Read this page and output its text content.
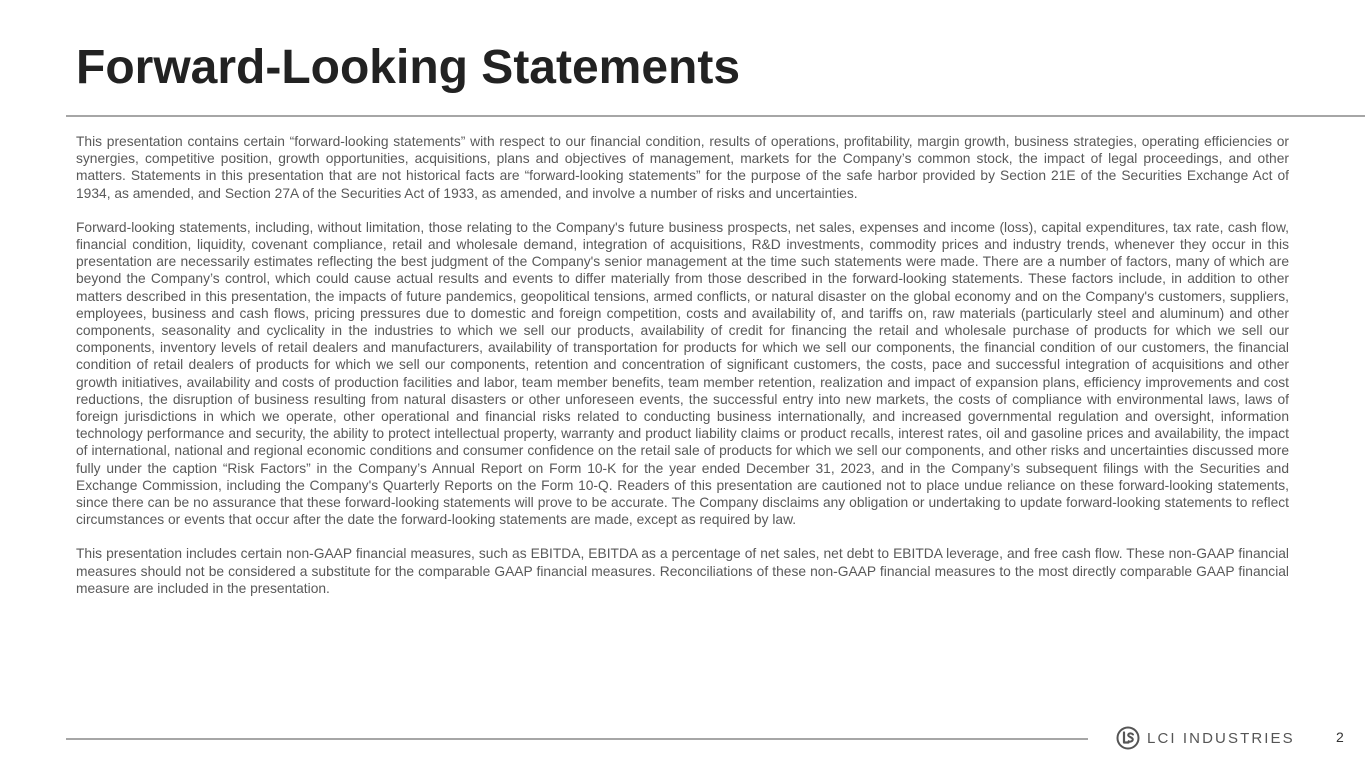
Forward-Looking Statements

This presentation contains certain “forward-looking statements” with respect to our financial condition, results of operations, profitability, margin growth, business strategies, operating efficiencies or synergies, competitive position, growth opportunities, acquisitions, plans and objectives of management, markets for the Company’s common stock, the impact of legal proceedings, and other matters. Statements in this presentation that are not historical facts are “forward-looking statements” for the purpose of the safe harbor provided by Section 21E of the Securities Exchange Act of 1934, as amended, and Section 27A of the Securities Act of 1933, as amended, and involve a number of risks and uncertainties.

Forward-looking statements, including, without limitation, those relating to the Company's future business prospects, net sales, expenses and income (loss), capital expenditures, tax rate, cash flow, financial condition, liquidity, covenant compliance, retail and wholesale demand, integration of acquisitions, R&D investments, commodity prices and industry trends, whenever they occur in this presentation are necessarily estimates reflecting the best judgment of the Company's senior management at the time such statements were made. There are a number of factors, many of which are beyond the Company’s control, which could cause actual results and events to differ materially from those described in the forward-looking statements. These factors include, in addition to other matters described in this presentation, the impacts of future pandemics, geopolitical tensions, armed conflicts, or natural disaster on the global economy and on the Company's customers, suppliers, employees, business and cash flows, pricing pressures due to domestic and foreign competition, costs and availability of, and tariffs on, raw materials (particularly steel and aluminum) and other components, seasonality and cyclicality in the industries to which we sell our products, availability of credit for financing the retail and wholesale purchase of products for which we sell our components, inventory levels of retail dealers and manufacturers, availability of transportation for products for which we sell our components, the financial condition of our customers, the financial condition of retail dealers of products for which we sell our components, retention and concentration of significant customers, the costs, pace and successful integration of acquisitions and other growth initiatives, availability and costs of production facilities and labor, team member benefits, team member retention, realization and impact of expansion plans, efficiency improvements and cost reductions, the disruption of business resulting from natural disasters or other unforeseen events, the successful entry into new markets, the costs of compliance with environmental laws, laws of foreign jurisdictions in which we operate, other operational and financial risks related to conducting business internationally, and increased governmental regulation and oversight, information technology performance and security, the ability to protect intellectual property, warranty and product liability claims or product recalls, interest rates, oil and gasoline prices and availability, the impact of international, national and regional economic conditions and consumer confidence on the retail sale of products for which we sell our components, and other risks and uncertainties discussed more fully under the caption “Risk Factors” in the Company’s Annual Report on Form 10-K for the year ended December 31, 2023, and in the Company’s subsequent filings with the Securities and Exchange Commission, including the Company's Quarterly Reports on the Form 10-Q. Readers of this presentation are cautioned not to place undue reliance on these forward-looking statements, since there can be no assurance that these forward-looking statements will prove to be accurate. The Company disclaims any obligation or undertaking to update forward-looking statements to reflect circumstances or events that occur after the date the forward-looking statements are made, except as required by law.

This presentation includes certain non-GAAP financial measures, such as EBITDA, EBITDA as a percentage of net sales, net debt to EBITDA leverage, and free cash flow. These non-GAAP financial measures should not be considered a substitute for the comparable GAAP financial measures. Reconciliations of these non-GAAP financial measures to the most directly comparable GAAP financial measure are included in the presentation.

LCI INDUSTRIES	2
